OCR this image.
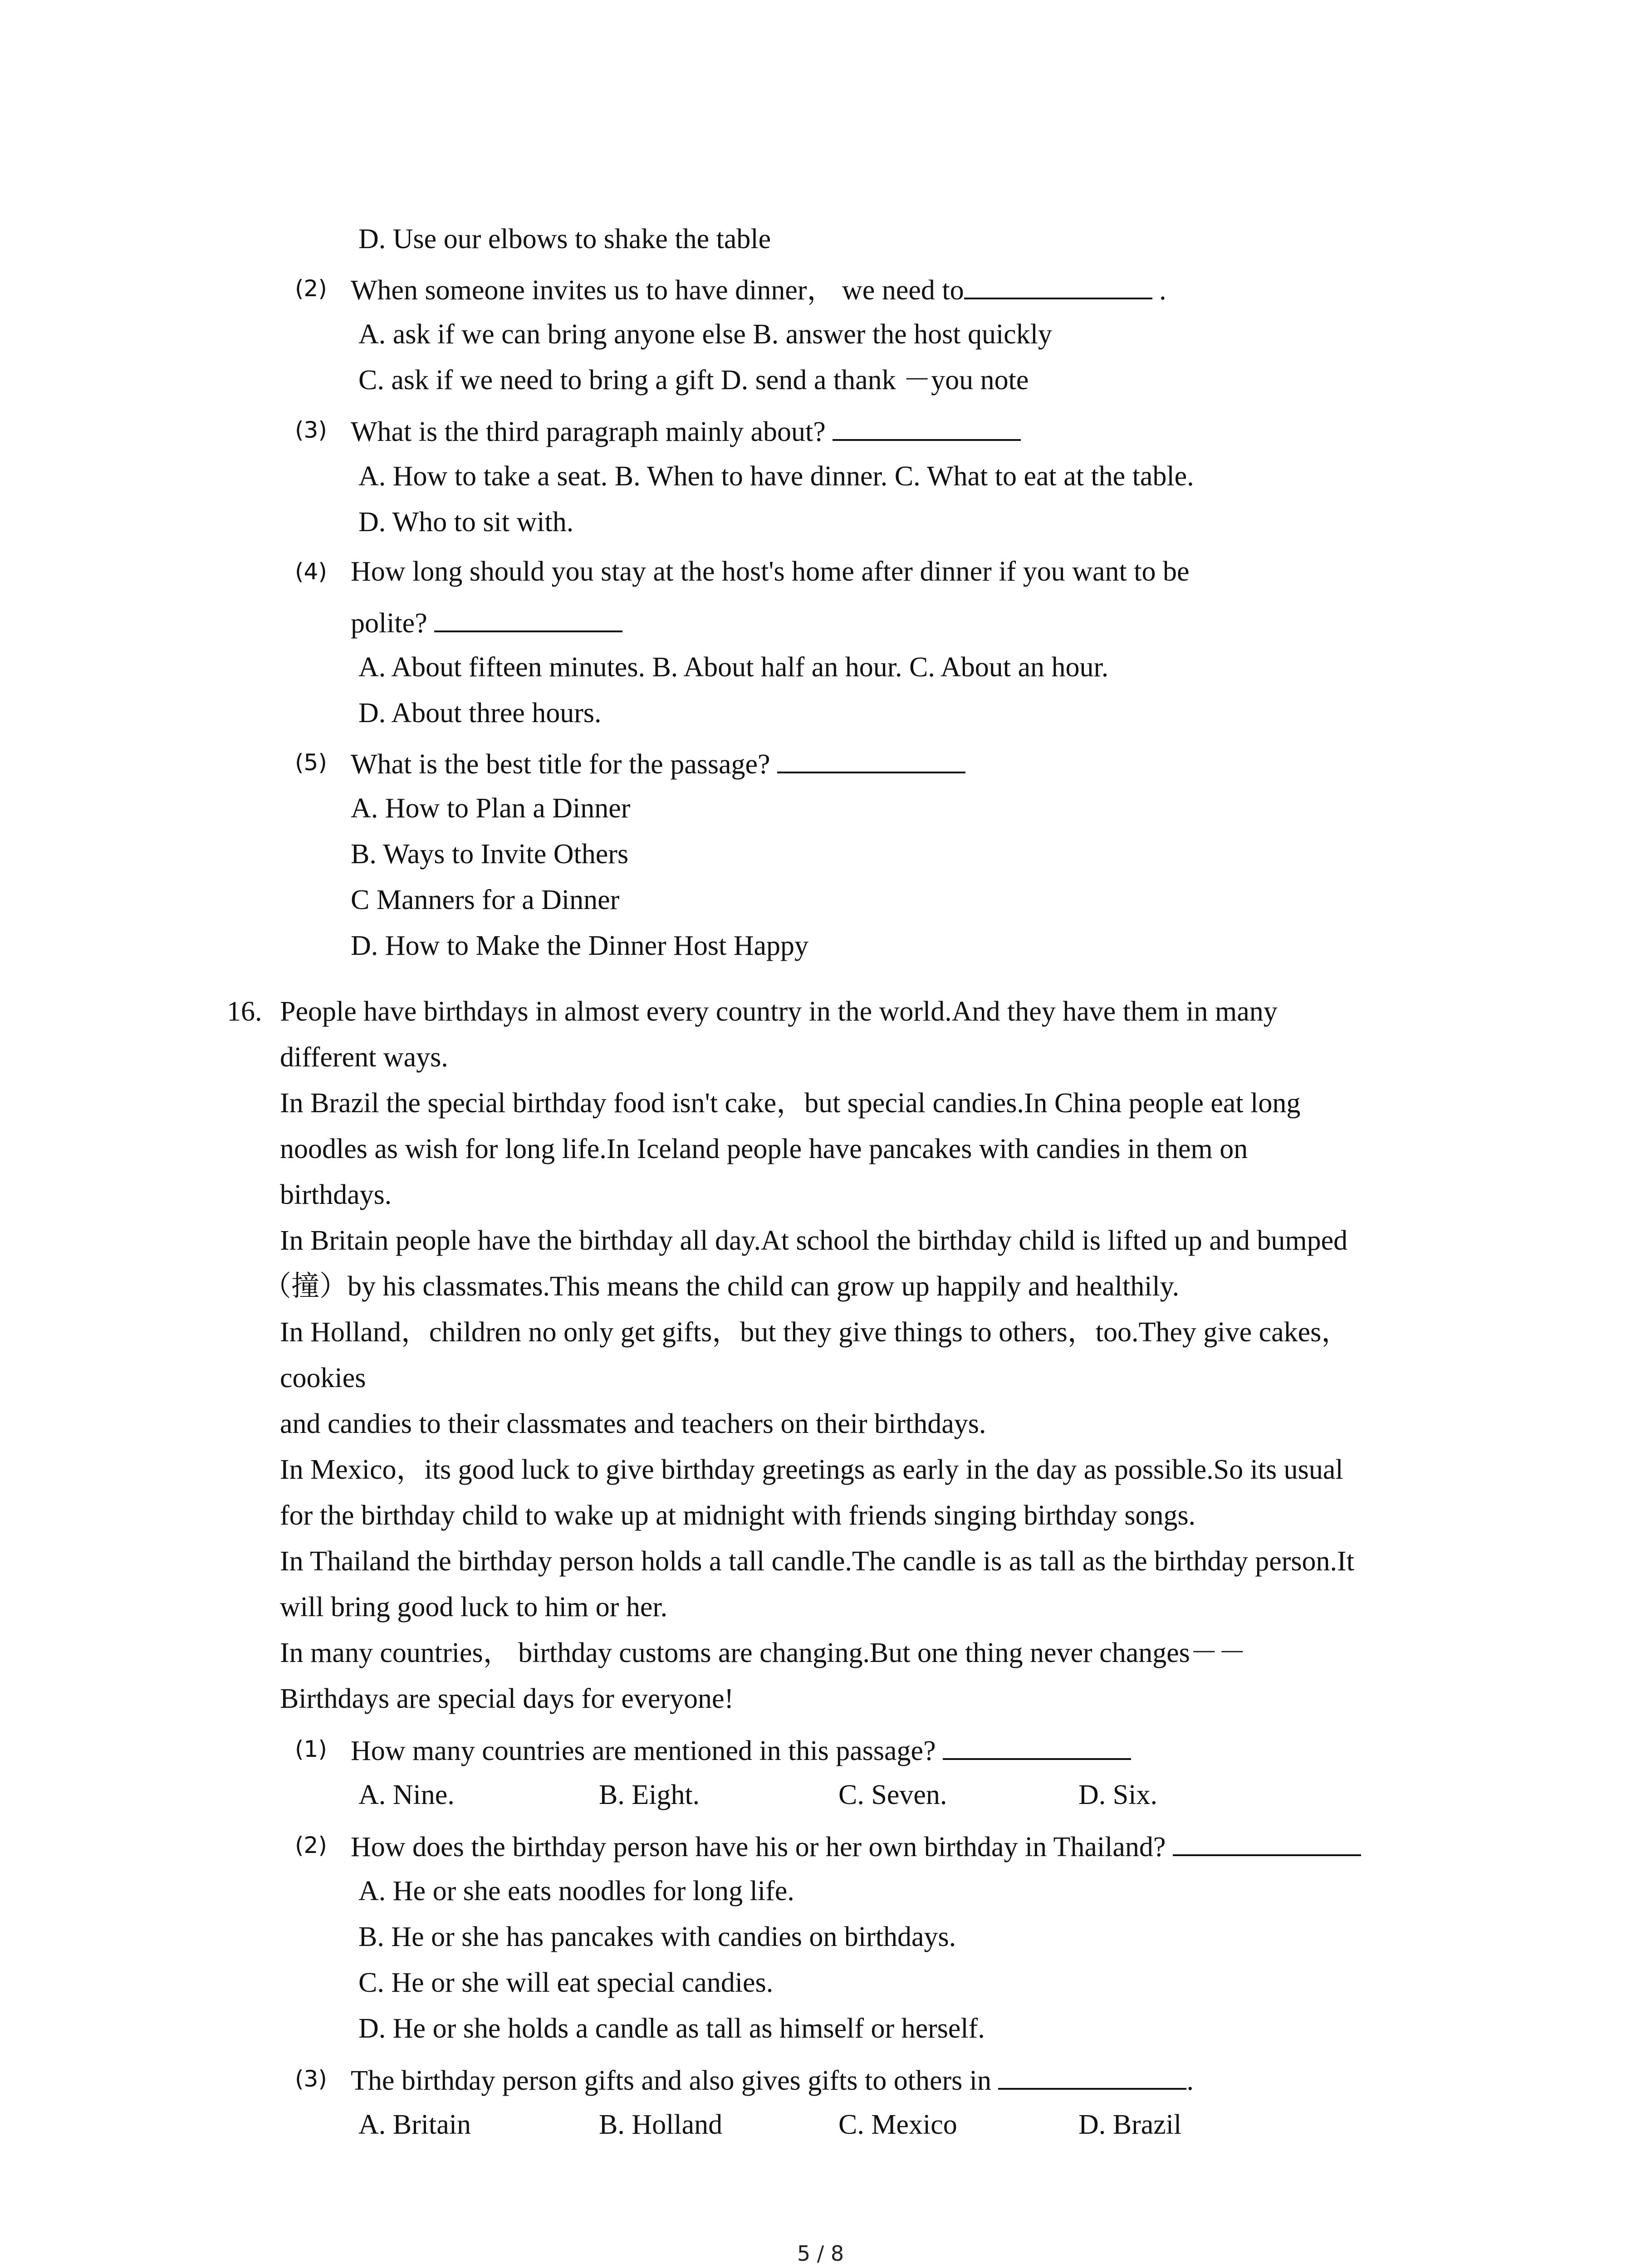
D. Use our elbows to shake the table
(2) When someone invites us to have dinner， we need to	.
A. ask if we can bring anyone else B. answer the host quickly
C. ask if we need to bring a gift D. send a thank －you note
(3) What is the third paragraph mainly about?
A. How to take a seat. B. When to have dinner. C. What to eat at the table.
D. Who to sit with.
(4) How long should you stay at the host's home after dinner if you want to be
polite?
A. About fifteen minutes. B. About half an hour. C. About an hour.
D. About three hours.
(5) What is the best title for the passage?
A. How to Plan a Dinner
B. Ways to Invite Others
C Manners for a Dinner
D. How to Make the Dinner Host Happy
16. People have birthdays in almost every country in the world.And they have them in many
different ways.
In Brazil the special birthday food isn't cake，but special candies.In China people eat long
noodles as wish for long life.In Iceland people have pancakes with candies in them on
birthdays.
In Britain people have the birthday all day.At school the birthday child is lifted up and bumped
（撞）by his classmates.This means the child can grow up happily and healthily.
In Holland，children no only get gifts，but they give things to others，too.They give cakes，
cookies
and candies to their classmates and teachers on their birthdays.
In Mexico，its good luck to give birthday greetings as early in the day as possible.So its usual
for the birthday child to wake up at midnight with friends singing birthday songs.
In Thailand the birthday person holds a tall candle.The candle is as tall as the birthday person.It
will bring good luck to him or her.
In many countries， birthday customs are changing.But one thing never changes－－
Birthdays are special days for everyone!
(1) How many countries are mentioned in this passage?
A. Nine.	B. Eight.	C. Seven.	D. Six.
(2) How does the birthday person have his or her own birthday in Thailand?
A. He or she eats noodles for long life.
B. He or she has pancakes with candies on birthdays.
C. He or she will eat special candies.
D. He or she holds a candle as tall as himself or herself.
(3) The birthday person gifts and also gives gifts to others in	.
A. Britain	B. Holland	C. Mexico	D. Brazil
5 / 8
